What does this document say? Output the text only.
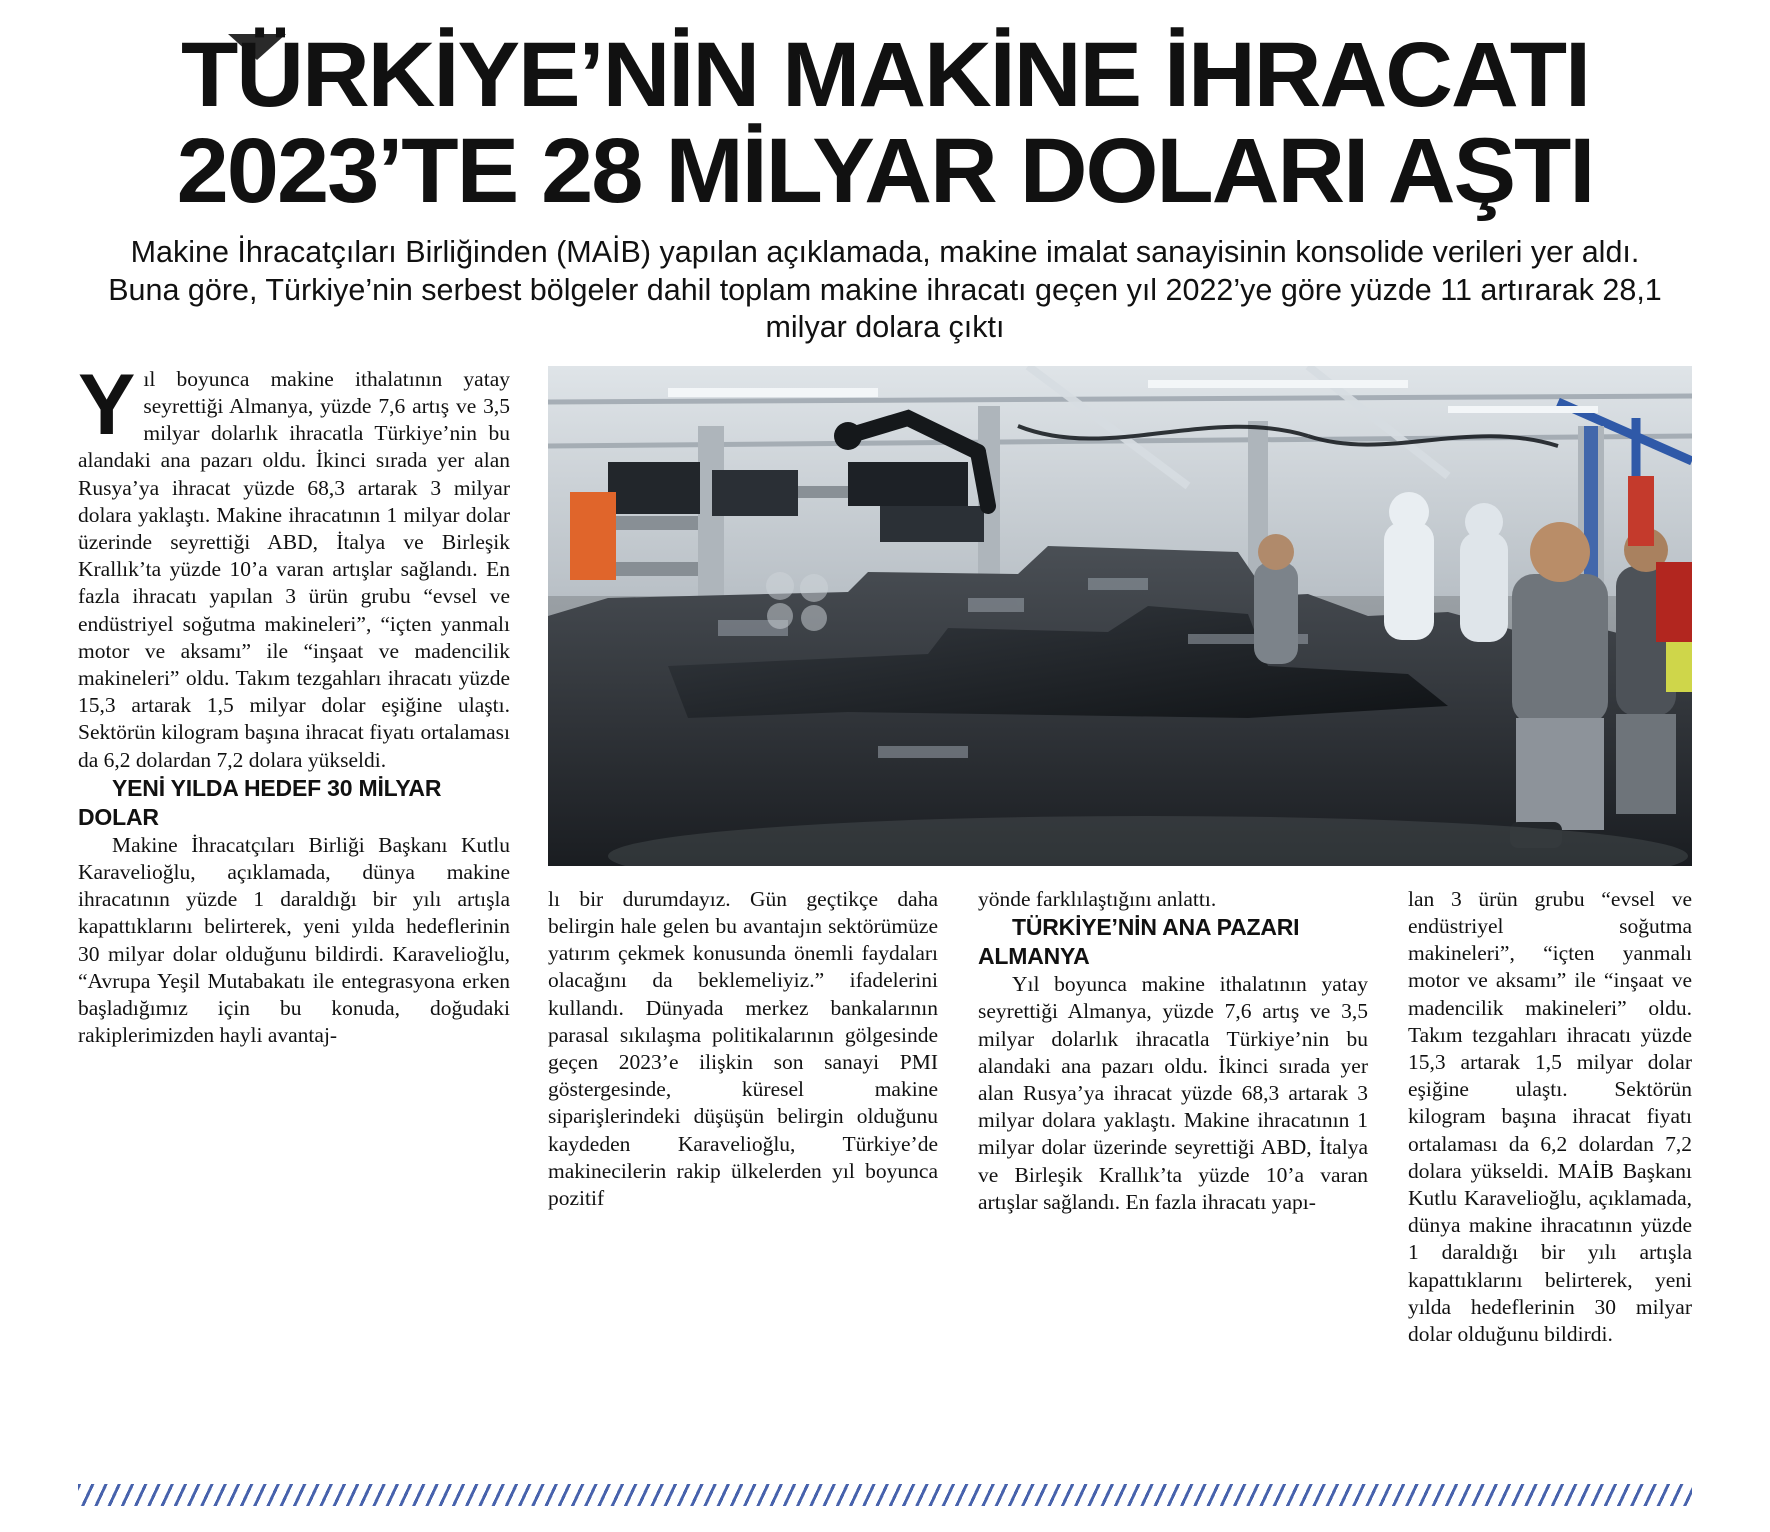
TÜRKİYE’NİN MAKİNE İHRACATI
2023’TE 28 MİLYAR DOLARI AŞTI
Makine İhracatçıları Birliğinden (MAİB) yapılan açıklamada, makine imalat sanayisinin konsolide verileri yer aldı. Buna göre, Türkiye’nin serbest bölgeler dahil toplam makine ihracatı geçen yıl 2022’ye göre yüzde 11 artırarak 28,1 milyar dolara çıktı

Yıl boyunca makine ithalatının yatay seyrettiği Almanya, yüzde 7,6 artış ve 3,5 milyar dolarlık ihracatla Türkiye’nin bu alandaki ana pazarı oldu. İkinci sırada yer alan Rusya’ya ihracat yüzde 68,3 artarak 3 milyar dolara yaklaştı. Makine ihracatının 1 milyar dolar üzerinde seyrettiği ABD, İtalya ve Birleşik Krallık’ta yüzde 10’a varan artışlar sağlandı. En fazla ihracatı yapılan 3 ürün grubu “evsel ve endüstriyel soğutma makineleri”, “içten yanmalı motor ve aksamı” ile “inşaat ve madencilik makineleri” oldu. Takım tezgahları ihracatı yüzde 15,3 artarak 1,5 milyar dolar eşiğine ulaştı. Sektörün kilogram başına ihracat fiyatı ortalaması da 6,2 dolardan 7,2 dolara yükseldi.

YENİ YILDA HEDEF 30 MİLYAR DOLAR

Makine İhracatçıları Birliği Başkanı Kutlu Karavelioğlu, açıklamada, dünya makine ihracatının yüzde 1 daraldığı bir yılı artışla kapattıklarını belirterek, yeni yılda hedeflerinin 30 milyar dolar olduğunu bildirdi. Karavelioğlu, “Avrupa Yeşil Mutabakatı ile entegrasyona erken başladığımız için bu konuda, doğudaki rakiplerimizden hayli avantaj-

lı bir durumdayız. Gün geçtikçe daha belirgin hale gelen bu avantajın sektörümüze yatırım çekmek konusunda önemli faydaları olacağını da beklemeliyiz.” ifadelerini kullandı. Dünyada merkez bankalarının parasal sıkılaşma politikalarının gölgesinde geçen 2023’e ilişkin son sanayi PMI göstergesinde, küresel makine siparişlerindeki düşüşün belirgin olduğunu kaydeden Karavelioğlu, Türkiye’de makinecilerin rakip ülkelerden yıl boyunca pozitif

yönde farklılaştığını anlattı.

TÜRKİYE’NİN ANA PAZARI ALMANYA

Yıl boyunca makine ithalatının yatay seyrettiği Almanya, yüzde 7,6 artış ve 3,5 milyar dolarlık ihracatla Türkiye’nin bu alandaki ana pazarı oldu. İkinci sırada yer alan Rusya’ya ihracat yüzde 68,3 artarak 3 milyar dolara yaklaştı. Makine ihracatının 1 milyar dolar üzerinde seyrettiği ABD, İtalya ve Birleşik Krallık’ta yüzde 10’a varan artışlar sağlandı. En fazla ihracatı yapı-

lan 3 ürün grubu “evsel ve endüstriyel soğutma makineleri”, “içten yanmalı motor ve aksamı” ile “inşaat ve madencilik makineleri” oldu. Takım tezgahları ihracatı yüzde 15,3 artarak 1,5 milyar dolar eşiğine ulaştı. Sektörün kilogram başına ihracat fiyatı ortalaması da 6,2 dolardan 7,2 dolara yükseldi. MAİB Başkanı Kutlu Karavelioğlu, açıklamada, dünya makine ihracatının yüzde 1 daraldığı bir yılı artışla kapattıklarını belirterek, yeni yılda hedeflerinin 30 milyar dolar olduğunu bildirdi.
